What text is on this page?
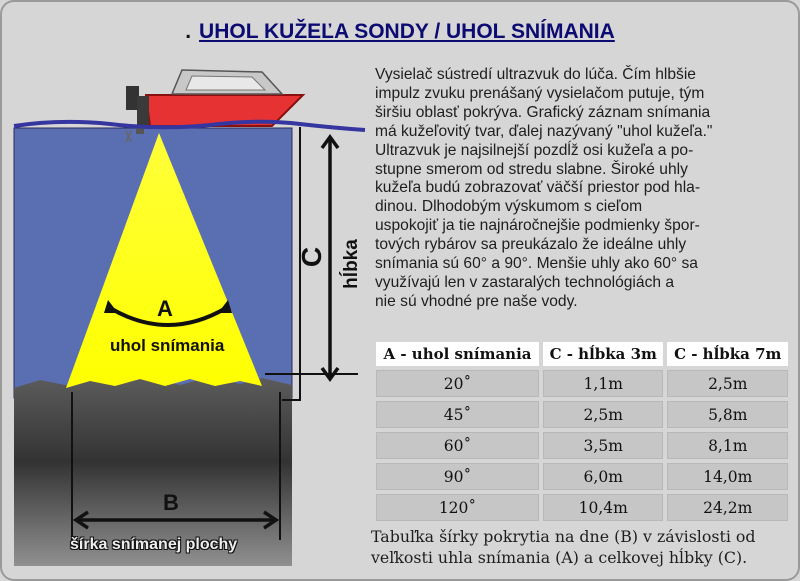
. UHOL KUŽEĽA SONDY / UHOL SNÍMANIA
A
uhol snímania
B
šírka snímanej plochy
C hĺbka
Vysielač sústredí ultrazvuk do lúča. Čím hlbšie
impulz zvuku prenášaný vysielačom putuje, tým
širšiu oblasť pokrýva. Grafický záznam snímania
má kužeľovitý tvar, ďalej nazývaný "uhol kužeľa."
Ultrazvuk je najsilnejší pozdĺž osi kužeľa a po-
stupne smerom od stredu slabne. Široké uhly
kužeľa budú zobrazovať väčší priestor pod hla-
dinou. Dlhodobým výskumom s cieľom
uspokojiť ja tie najnáročnejšie podmienky špor-
tových rybárov sa preukázalo že ideálne uhly
snímania sú 60° a 90°. Menšie uhly ako 60° sa
využívajú len v zastaralých technológiách a
nie sú vhodné pre naše vody.
A - uhol snímania	C - hĺbka 3m	C - hĺbka 7m
20˚	1,1m	2,5m
45˚	2,5m	5,8m
60˚	3,5m	8,1m
90˚	6,0m	14,0m
120˚	10,4m	24,2m
Tabuľka šírky pokrytia na dne (B) v závislosti od
veľkosti uhla snímania (A) a celkovej hĺbky (C).
